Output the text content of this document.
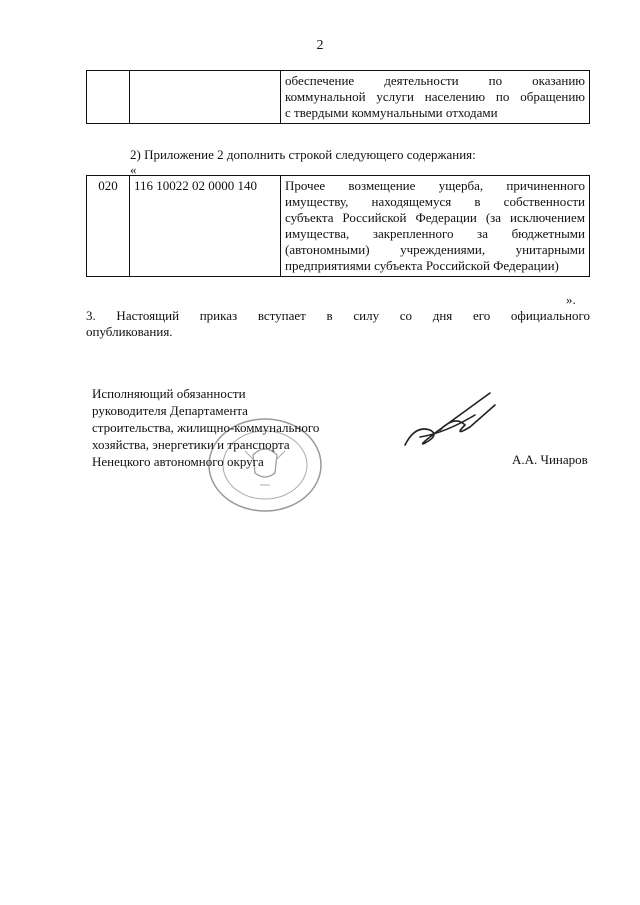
2
		обеспечение деятельности по оказанию
коммунальной услуги населению по обращению

с твердыми коммунальными отходами
2) Приложение 2 дополнить строкой следующего содержания:
«
020	116 10022 02 0000 140	Прочее возмещение ущерба, причиненного
имуществу, находящемуся в собственности
субъекта Российской Федерации (за исключением
имущества, закрепленного за бюджетными
(автономными) учреждениями, унитарными

предприятиями субъекта Российской Федерации)
».
3. Настоящий приказ вступает в силу со дня его официального
опубликования.
Исполняющий обязанности
руководителя Департамента
строительства, жилищно-коммунального
хозяйства, энергетики и транспорта
Ненецкого автономного округа	А.А. Чинаров
